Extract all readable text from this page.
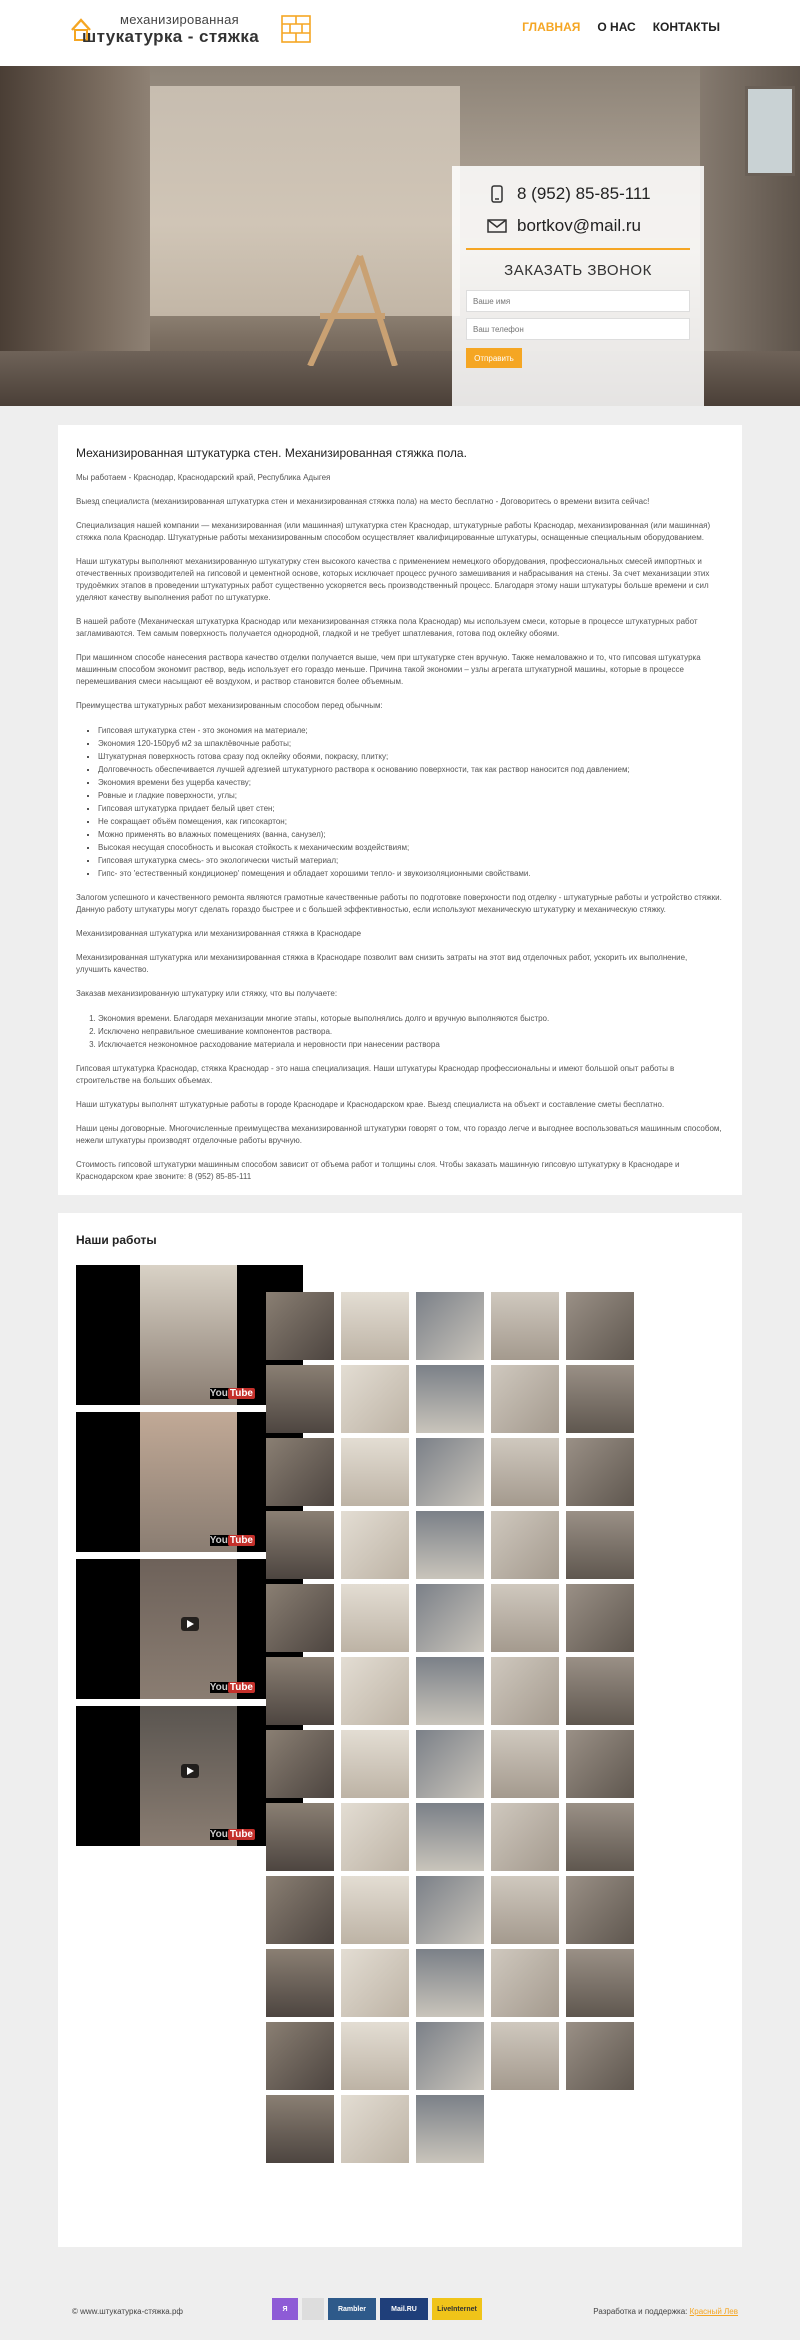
механизированная
штукатурка - стяжка	ГЛАВНАЯ О НАС КОНТАКТЫ
8 (952) 85-85-111
bortkov@mail.ru
ЗАКАЗАТЬ ЗВОНОК
Ваше имя
Ваш телефон
Отправить
Механизированная штукатурка стен. Механизированная стяжка пола.

Мы работаем - Краснодар, Краснодарский край, Республика Адыгея

Выезд специалиста (механизированная штукатурка стен и механизированная стяжка пола) на место бесплатно - Договоритесь о времени визита сейчас!

Специализация нашей компании — механизированная (или машинная) штукатурка стен Краснодар, штукатурные работы Краснодар, механизированная (или машинная) стяжка пола Краснодар. Штукатурные работы механизированным способом осуществляет квалифицированные штукатуры, оснащенные специальным оборудованием.

Наши штукатуры выполняют механизированную штукатурку стен высокого качества с применением немецкого оборудования, профессиональных смесей импортных и отечественных производителей на гипсовой и цементной основе, которых исключает процесс ручного замешивания и набрасывания на стены. За счет механизации этих трудоёмких этапов в проведении штукатурных работ существенно ускоряется весь производственный процесс. Благодаря этому наши штукатуры больше времени и сил уделяют качеству выполнения работ по штукатурке.

В нашей работе (Механическая штукатурка Краснодар или механизированная стяжка пола Краснодар) мы используем смеси, которые в процессе штукатурных работ загламиваются. Тем самым поверхность получается однородной, гладкой и не требует шпатлевания, готова под оклейку обоями.

При машинном способе нанесения раствора качество отделки получается выше, чем при штукатурке стен вручную. Также немаловажно и то, что гипсовая штукатурка машинным способом экономит раствор, ведь использует его гораздо меньше. Причина такой экономии – узлы агрегата штукатурной машины, которые в процессе перемешивания смеси насыщают её воздухом, и раствор становится более объемным.

Преимущества штукатурных работ механизированным способом перед обычным:

▪ Гипсовая штукатурка стен - это экономия на материале;
▪ Экономия 120-150руб м2 за шпаклёвочные работы;
▪ Штукатурная поверхность готова сразу под оклейку обоями, покраску, плитку;
▪ Долговечность обеспечивается лучшей адгезией штукатурного раствора к основанию поверхности, так как раствор наносится под давлением;
▪ Экономия времени без ущерба качеству;
▪ Ровные и гладкие поверхности, углы;
▪ Гипсовая штукатурка придает белый цвет стен;
▪ Не сокращает объём помещения, как гипсокартон;
▪ Можно применять во влажных помещениях (ванна, санузел);
▪ Высокая несущая способность и высокая стойкость к механическим воздействиям;
▪ Гипсовая штукатурка смесь- это экологически чистый материал;
▪ Гипс- это 'естественный кондиционер' помещения и обладает хорошими тепло- и звукоизоляционными свойствами.

Залогом успешного и качественного ремонта являются грамотные качественные работы по подготовке поверхности под отделку - штукатурные работы и устройство стяжки. Данную работу штукатуры могут сделать гораздо быстрее и с большей эффективностью, если используют механическую штукатурку и механическую стяжку.

Механизированная штукатурка или механизированная стяжка в Краснодаре

Механизированная штукатурка или механизированная стяжка в Краснодаре позволит вам снизить затраты на этот вид отделочных работ, ускорить их выполнение, улучшить качество.

Заказав механизированную штукатурку или стяжку, что вы получаете:

1. Экономия времени. Благодаря механизации многие этапы, которые выполнялись долго и вручную выполняются быстро.
2. Исключено неправильное смешивание компонентов раствора.
3. Исключается неэкономное расходование материала и неровности при нанесении раствора

Гипсовая штукатурка Краснодар, стяжка Краснодар - это наша специализация. Наши штукатуры Краснодар профессиональны и имеют большой опыт работы в строительстве на больших объемах.

Наши штукатуры выполнят штукатурные работы в городе Краснодаре и Краснодарском крае. Выезд специалиста на объект и составление сметы бесплатно.

Наши цены договорные. Многочисленные преимущества механизированной штукатурки говорят о том, что гораздо легче и выгоднее воспользоваться машинным способом, нежели штукатуры производят отделочные работы вручную.

Стоимость гипсовой штукатурки машинным способом зависит от объема работ и толщины слоя. Чтобы заказать машинную гипсовую штукатурку в Краснодаре и Краснодарском крае звоните: 8 (952) 85-85-111

Наши работы
You Tube
You Tube
You Tube
You Tube
© www.штукатурка-стяжка.рф	Я	Rambler	Mail.RU	LiveInternet	Разработка и поддержка: Красный Лев
